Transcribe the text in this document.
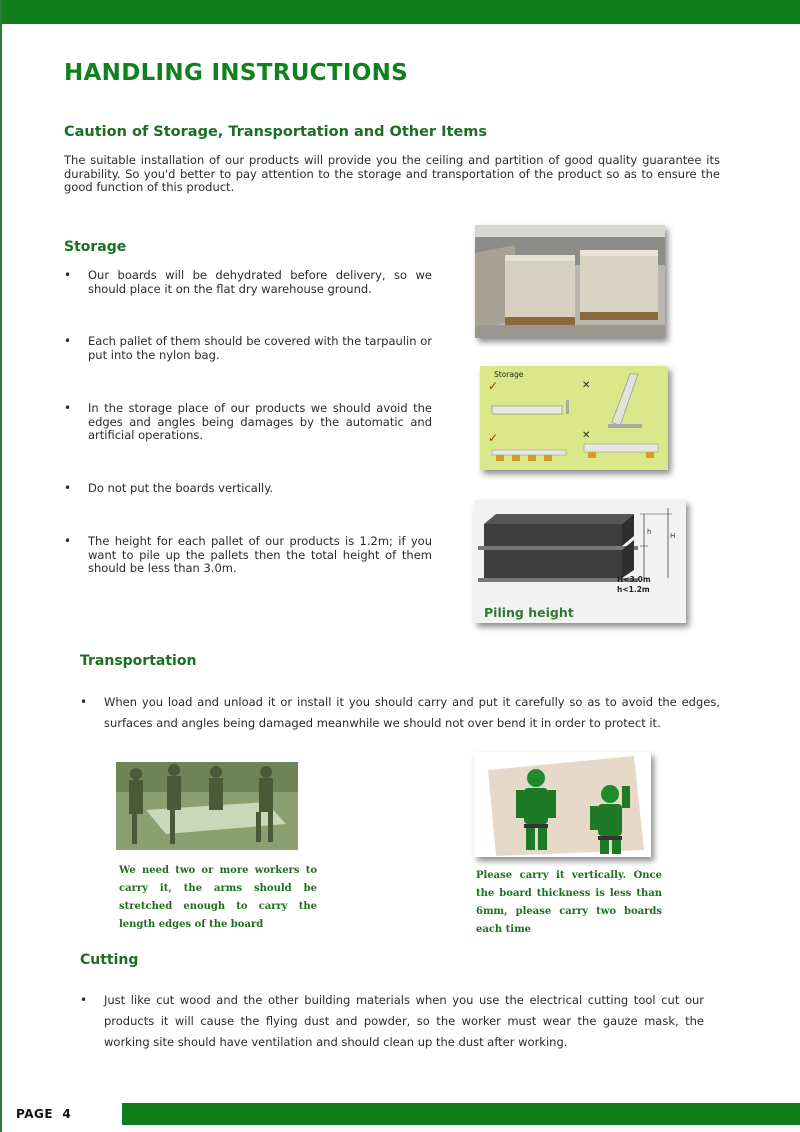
HANDLING INSTRUCTIONS
Caution of Storage, Transportation and Other Items

The suitable installation of our products will provide you the ceiling and partition of good quality guarantee its durability. So you'd better to pay attention to the storage and transportation of the product so as to ensure the good function of this product.

Storage
•	Our boards will be dehydrated before delivery, so we should place it on the flat dry warehouse ground.
•	Each pallet of them should be covered with the tarpaulin or put into the nylon bag.
•	In the storage place of our products we should avoid the edges and angles being damages by the automatic and artificial operations.
•	Do not put the boards vertically.
•	The height for each pallet of our products is 1.2m; if you want to pile up the pallets then the total height of them should be less than 3.0m.
Storage
✓	✕
✓	✕
H
h
H<3.0m
h<1.2m
Piling height
Transportation
•	When you load and unload it or install it you should carry and put it carefully so as to avoid the edges, surfaces and angles being damaged meanwhile we should not over bend it in order to protect it.
We need two or more workers to carry it, the arms should be stretched enough to carry the length edges of the board
Please carry it vertically. Once the board thickness is less than 6mm, please carry two boards each time
Cutting
•	Just like cut wood and the other building materials when you use the electrical cutting tool cut our products it will cause the flying dust and powder, so the worker must wear the gauze mask, the working site should have ventilation and should clean up the dust after working.
PAGE 4
